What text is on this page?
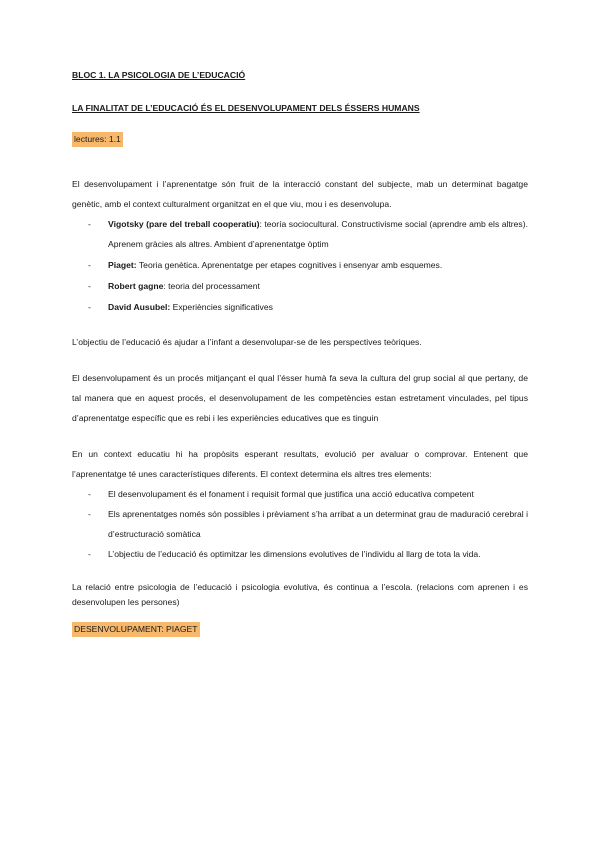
BLOC 1. LA PSICOLOGIA DE L’EDUCACIÓ
LA FINALITAT DE L’EDUCACIÓ ÉS EL DESENVOLUPAMENT DELS ÉSSERS HUMANS
lectures: 1.1

El desenvolupament i l’aprenentatge són fruit de la interacció constant del subjecte, mab un determinat bagatge genètic, amb el context culturalment organitzat en el que viu, mou i es desenvolupa.

- Vigotsky (pare del treball cooperatiu): teoría sociocultural. Constructivisme social (aprendre amb els altres). Aprenem gràcies als altres. Ambient d’aprenentatge òptim
- Piaget: Teoria genètica. Aprenentatge per etapes cognitives i ensenyar amb esquemes.
- Robert gagne: teoria del processament
- David Ausubel: Experiències significatives

L’objectiu de l’educació és ajudar a l’infant a desenvolupar-se de les perspectives teòriques.

El desenvolupament és un procés mitjançant el qual l’ésser humà fa seva la cultura del grup social al que pertany, de tal manera que en aquest procés, el desenvolupament de les competències estan estretament vinculades, pel tipus d’aprenentatge específic que es rebi i les experiències educatives que es tinguin

En un context educatiu hi ha propòsits esperant resultats, evolució per avaluar o comprovar. Entenent que l’aprenentatge té unes característiques diferents. El context determina els altres tres elements:

- El desenvolupament és el fonament i requisit formal que justifica una acció educativa competent
- Els aprenentatges només són possibles i prèviament s’ha arribat a un determinat grau de maduració cerebral i d’estructuració somàtica
- L’objectiu de l’educació és optimitzar les dimensions evolutives de l’individu al llarg de tota la vida.

La relació entre psicologia de l’educació i psicologia evolutiva, és continua a l’escola. (relacions com aprenen i es desenvolupen les persones)

DESENVOLUPAMENT: PIAGET
